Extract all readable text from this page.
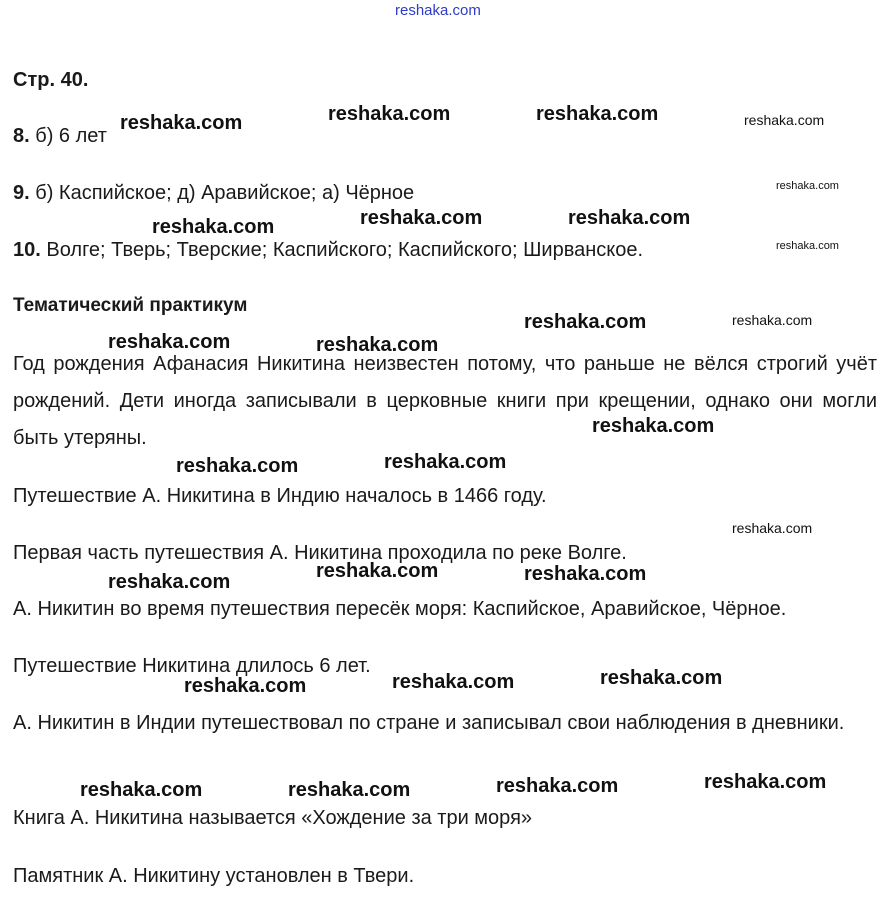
reshaka.com
Стр. 40.
8. б) 6 лет
9. б) Каспийское; д) Аравийское; а) Чёрное
10. Волге; Тверь; Тверские; Каспийского; Каспийского; Ширванское.
Тематический практикум
Год рождения Афанасия Никитина неизвестен потому, что раньше не вёлся строгий учёт рождений. Дети иногда записывали в церковные книги при крещении, однако они могли быть утеряны.
Путешествие А. Никитина в Индию началось в 1466 году.
Первая часть путешествия А. Никитина проходила по реке Волге.
А. Никитин во время путешествия пересёк моря: Каспийское, Аравийское, Чёрное.
Путешествие Никитина длилось 6 лет.
А. Никитин в Индии путешествовал по стране и записывал свои наблюдения в дневники.
Книга А. Никитина называется «Хождение за три моря»
Памятник А. Никитину установлен в Твери.
reshaka.com	reshaka.com	reshaka.com	reshaka.com
reshaka.com
reshaka.com	reshaka.com	reshaka.com
reshaka.com
reshaka.com	reshaka.com
reshaka.com	reshaka.com
reshaka.com
reshaka.com	reshaka.com
reshaka.com
reshaka.com	reshaka.com	reshaka.com
reshaka.com	reshaka.com	reshaka.com
reshaka.com	reshaka.com	reshaka.com	reshaka.com
